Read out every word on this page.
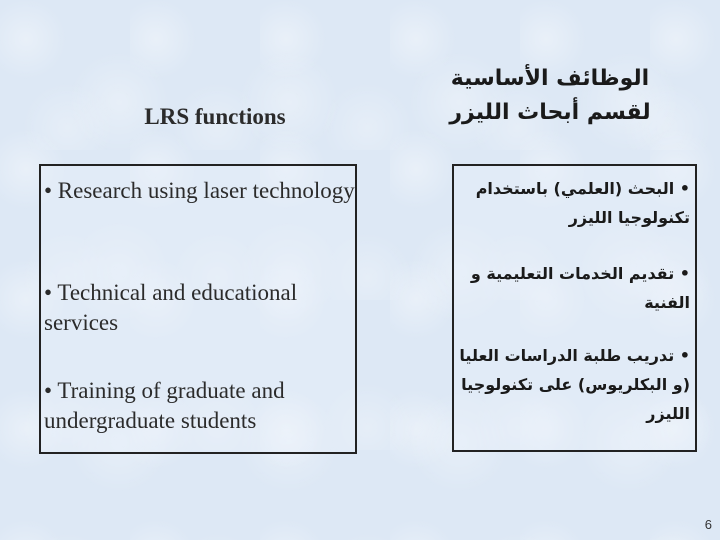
LRS functions
• Research using laser technology
• Technical and educational services
• Training of graduate and undergraduate students
الوظائف الأساسية لقسم أبحاث الليزر
• البحث (العلمي) باستخدام تكنولوجيا الليزر
• تقديم الخدمات التعليمية و الفنية
• تدريب طلبة الدراسات العليا (و البكلريوس) على تكنولوجيا الليزر
6
